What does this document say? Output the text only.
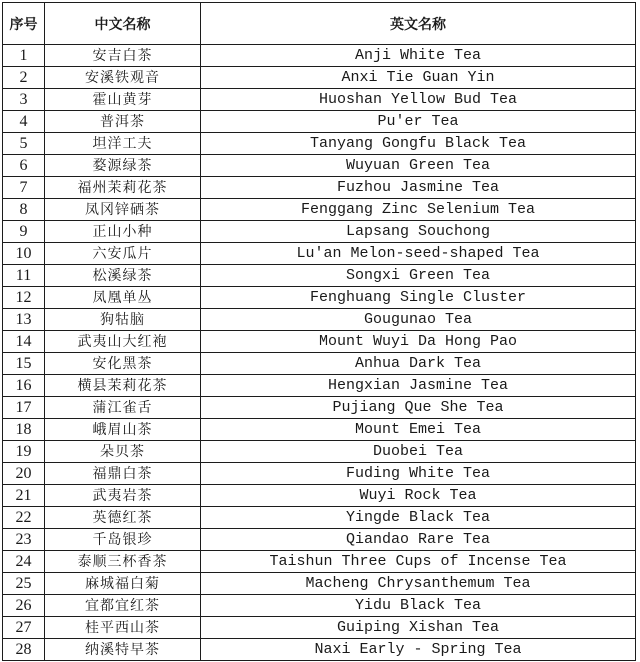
序号	中文名称	英文名称
1	安吉白茶	Anji White Tea
2	安溪铁观音	Anxi Tie Guan Yin
3	霍山黄芽	Huoshan Yellow Bud Tea
4	普洱茶	Pu'er Tea
5	坦洋工夫	Tanyang Gongfu Black Tea
6	婺源绿茶	Wuyuan Green Tea
7	福州茉莉花茶	Fuzhou Jasmine Tea
8	凤冈锌硒茶	Fenggang Zinc Selenium Tea
9	正山小种	Lapsang Souchong
10	六安瓜片	Lu'an Melon-seed-shaped Tea
11	松溪绿茶	Songxi Green Tea
12	凤凰单丛	Fenghuang Single Cluster
13	狗牯脑	Gougunao Tea
14	武夷山大红袍	Mount Wuyi Da Hong Pao
15	安化黑茶	Anhua Dark Tea
16	横县茉莉花茶	Hengxian Jasmine Tea
17	蒲江雀舌	Pujiang Que She Tea
18	峨眉山茶	Mount Emei Tea
19	朵贝茶	Duobei Tea
20	福鼎白茶	Fuding White Tea
21	武夷岩茶	Wuyi Rock Tea
22	英德红茶	Yingde Black Tea
23	千岛银珍	Qiandao Rare Tea
24	泰顺三杯香茶	Taishun Three Cups of Incense Tea
25	麻城福白菊	Macheng Chrysanthemum Tea
26	宜都宜红茶	Yidu Black Tea
27	桂平西山茶	Guiping Xishan Tea
28	纳溪特早茶	Naxi Early - Spring Tea
